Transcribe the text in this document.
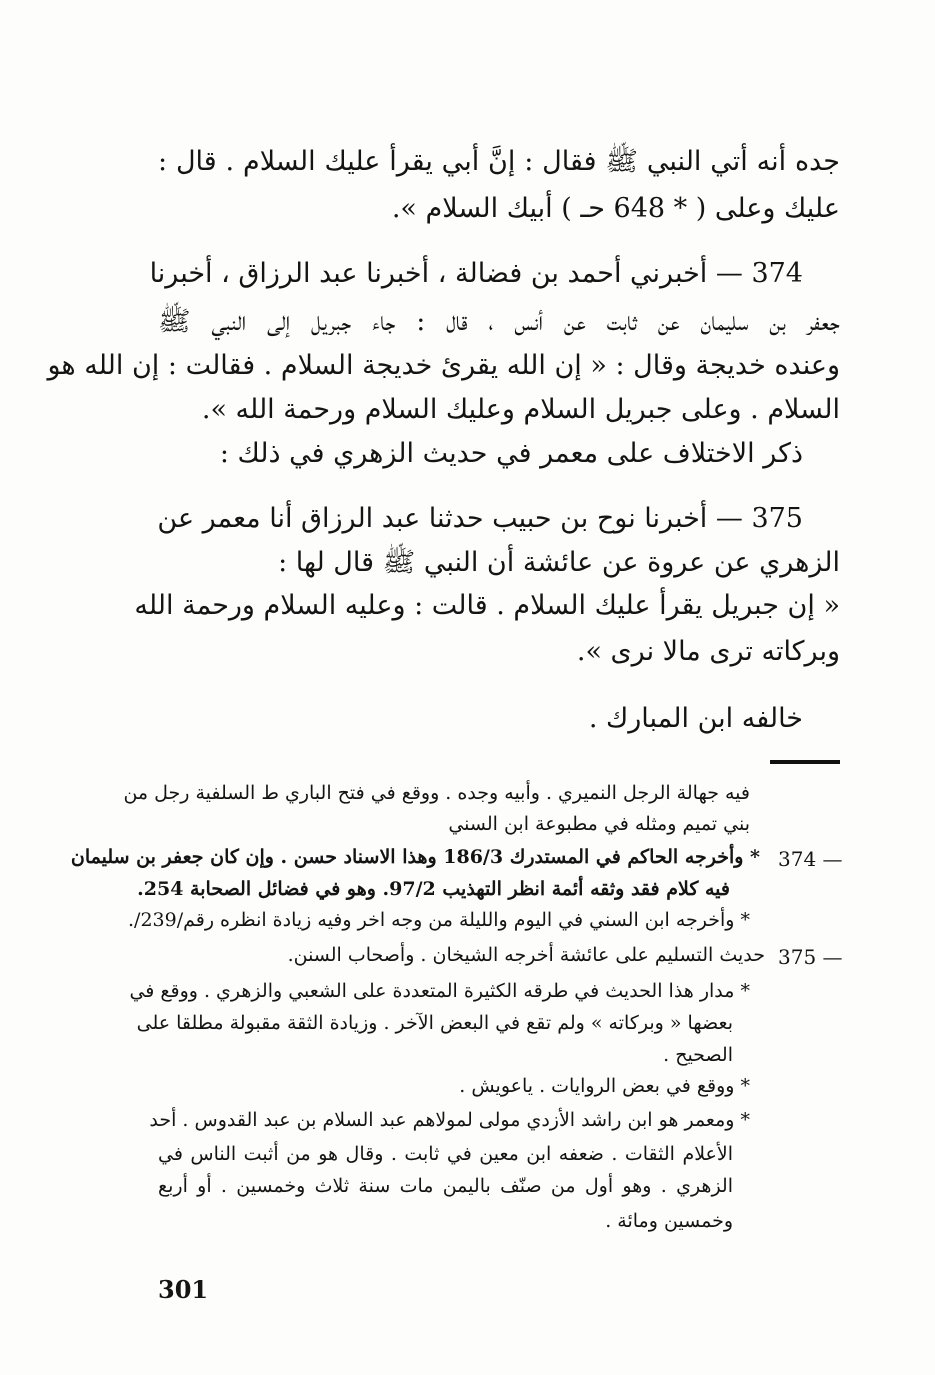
جده أنه أتي النبي ﷺ فقال : إنَّ أبي يقرأ عليك السلام . قال :
عليك وعلى ( * 648 حـ ) أبيك السلام ».
374 — أخبرني أحمد بن فضالة ، أخبرنا عبد الرزاق ، أخبرنا
جعفر بن سليمان عن ثابت عن أنس ، قال : جاء جبريل إلى النبي ﷺ
وعنده خديجة وقال : « إن الله يقرئ خديجة السلام . فقالت : إن الله هو
السلام . وعلى جبريل السلام وعليك السلام ورحمة الله ».
ذكر الاختلاف على معمر في حديث الزهري في ذلك :
375 — أخبرنا نوح بن حبيب حدثنا عبد الرزاق أنا معمر عن
الزهري عن عروة عن عائشة أن النبي ﷺ قال لها :
« إن جبريل يقرأ عليك السلام . قالت : وعليه السلام ورحمة الله
وبركاته ترى مالا نرى ».
خالفه ابن المبارك .
فيه جهالة الرجل النميري . وأبيه وجده . ووقع في فتح الباري ط السلفية رجل من
بني تميم ومثله في مطبوعة ابن السني
374 —
* وأخرجه الحاكم في المستدرك 186/3 وهذا الاسناد حسن . وإن كان جعفر بن سليمان
فيه كلام فقد وثقه أئمة انظر التهذيب 97/2. وهو في فضائل الصحابة 254.
* وأخرجه ابن السني في اليوم والليلة من وجه اخر وفيه زيادة انظره رقم/239/.
375 —
حديث التسليم على عائشة أخرجه الشيخان . وأصحاب السنن.
* مدار هذا الحديث في طرقه الكثيرة المتعددة على الشعبي والزهري . ووقع في
بعضها « وبركاته » ولم تقع في البعض الآخر . وزيادة الثقة مقبولة مطلقا على
الصحيح .
* ووقع في بعض الروايات . ياعويش .
* ومعمر هو ابن راشد الأزدي مولى لمولاهم عبد السلام بن عبد القدوس . أحد
الأعلام الثقات . ضعفه ابن معين في ثابت . وقال هو من أثبت الناس في
الزهري . وهو أول من صنّف باليمن مات سنة ثلاث وخمسين . أو أربع
وخمسين ومائة .
301
